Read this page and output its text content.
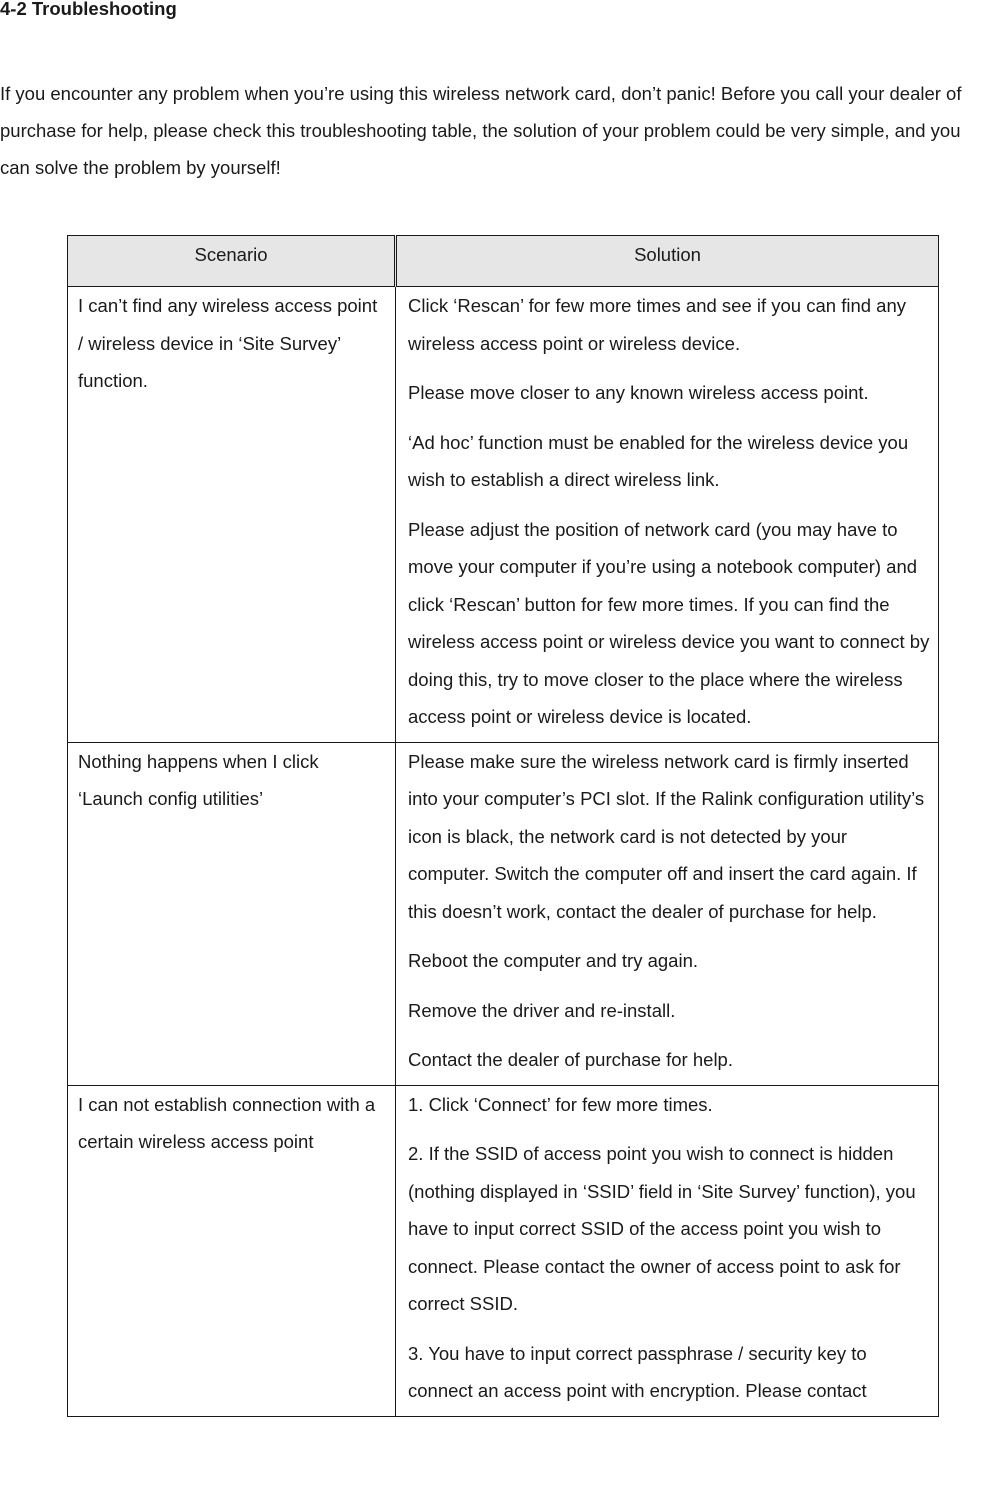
4-2 Troubleshooting

If you encounter any problem when you’re using this wireless network card, don’t panic! Before you call your dealer of purchase for help, please check this troubleshooting table, the solution of your problem could be very simple, and you can solve the problem by yourself!

Scenario	Solution
I can’t find any wireless access point / wireless device in ‘Site Survey’ function.	Click ‘Rescan’ for few more times and see if you can find any wireless access point or wireless device.

Please move closer to any known wireless access point.

‘Ad hoc’ function must be enabled for the wireless device you wish to establish a direct wireless link.

Please adjust the position of network card (you may have to move your computer if you’re using a notebook computer) and click ‘Rescan’ button for few more times. If you can find the wireless access point or wireless device you want to connect by doing this, try to move closer to the place where the wireless access point or wireless device is located.

Nothing happens when I click ‘Launch config utilities’	Please make sure the wireless network card is firmly inserted into your computer’s PCI slot. If the Ralink configuration utility’s icon is black, the network card is not detected by your computer. Switch the computer off and insert the card again. If this doesn’t work, contact the dealer of purchase for help.

Reboot the computer and try again.

Remove the driver and re-install.

Contact the dealer of purchase for help.

I can not establish connection with a certain wireless access point	1. Click ‘Connect’ for few more times.

2. If the SSID of access point you wish to connect is hidden (nothing displayed in ‘SSID’ field in ‘Site Survey’ function), you have to input correct SSID of the access point you wish to connect. Please contact the owner of access point to ask for correct SSID.

3. You have to input correct passphrase / security key to connect an access point with encryption. Please contact
